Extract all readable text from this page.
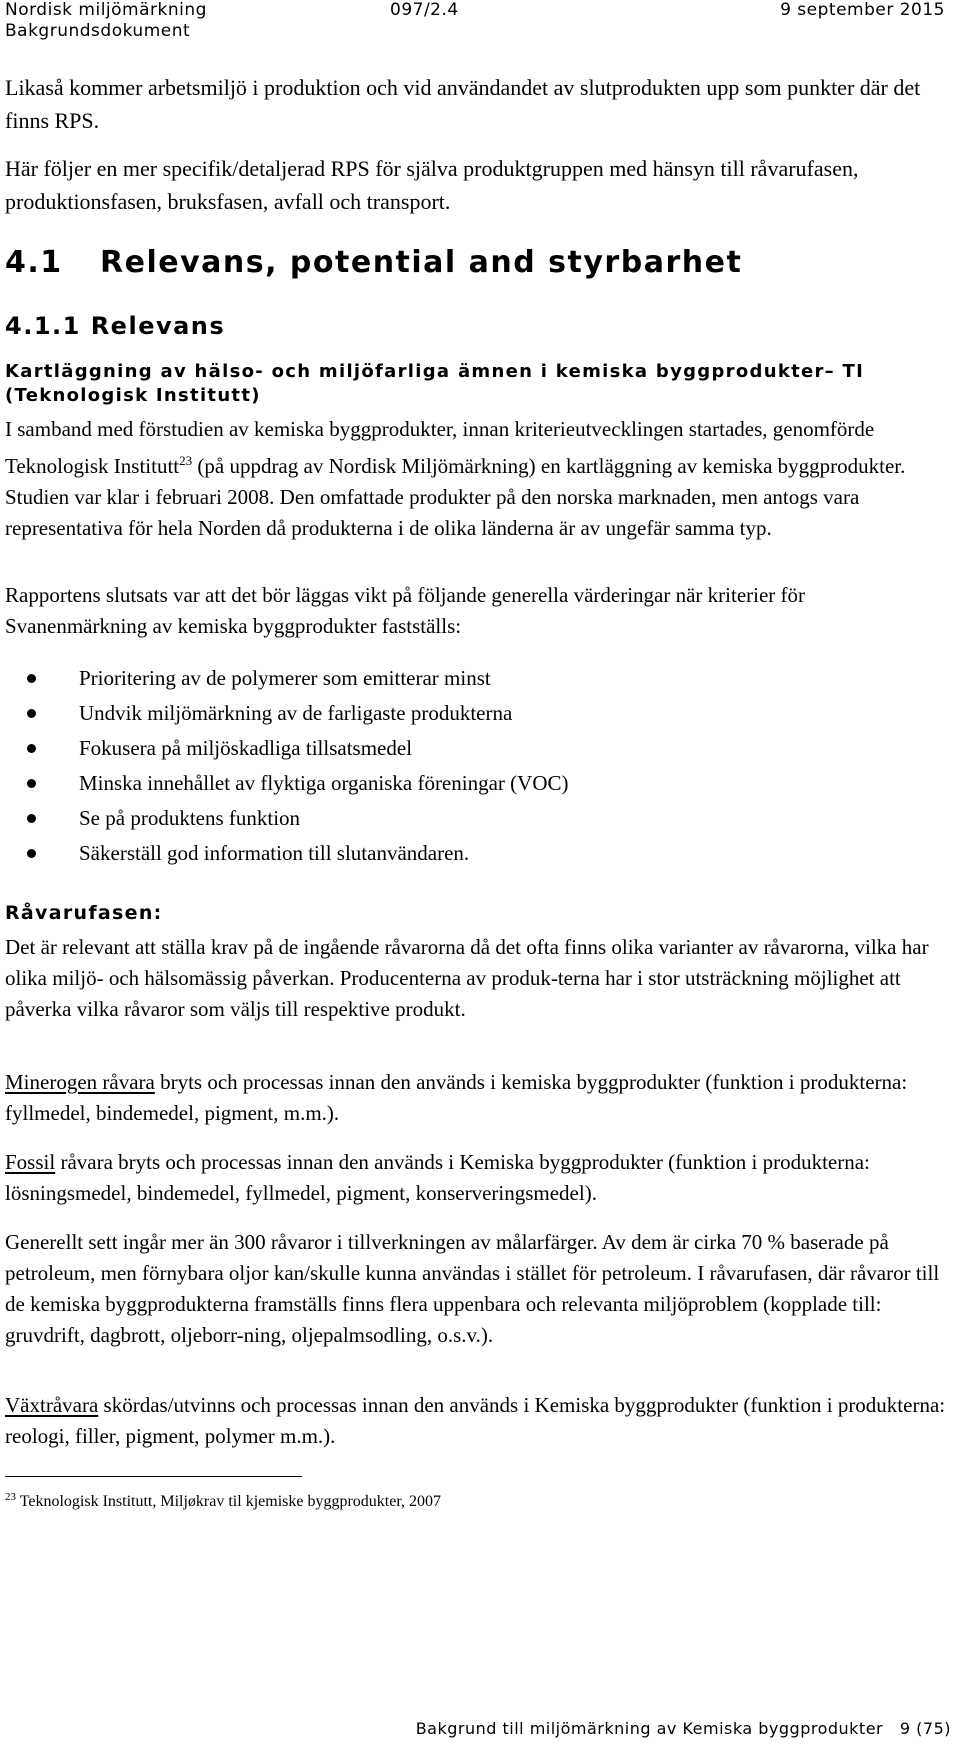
Nordisk miljömärkning	097/2.4	9 september 2015
Bakgrundsdokument

Likaså kommer arbetsmiljö i produktion och vid användandet av slutprodukten upp som punkter där det finns RPS.

Här följer en mer specifik/detaljerad RPS för själva produktgruppen med hänsyn till råvarufasen, produktionsfasen, bruksfasen, avfall och transport.

4.1 Relevans, potential and styrbarhet
4.1.1 Relevans
Kartläggning av hälso- och miljöfarliga ämnen i kemiska byggprodukter– TI (Teknologisk Institutt)

I samband med förstudien av kemiska byggprodukter, innan kriterieutvecklingen startades, genomförde Teknologisk Institutt$^{23}$ (på uppdrag av Nordisk Miljömärkning) en kartläggning av kemiska byggprodukter. Studien var klar i februari 2008. Den omfattade produkter på den norska marknaden, men antogs vara representativa för hela Norden då produkterna i de olika länderna är av ungefär samma typ.

Rapportens slutsats var att det bör läggas vikt på följande generella värderingar när kriterier för Svanenmärkning av kemiska byggprodukter fastställs:

Prioritering av de polymerer som emitterar minst
Undvik miljömärkning av de farligaste produkterna
Fokusera på miljöskadliga tillsatsmedel
Minska innehållet av flyktiga organiska föreningar (VOC)
Se på produktens funktion
Säkerställ god information till slutanvändaren.
Råvarufasen:

Det är relevant att ställa krav på de ingående råvarorna då det ofta finns olika varianter av råvarorna, vilka har olika miljö- och hälsomässig påverkan. Producenterna av produk-terna har i stor utsträckning möjlighet att påverka vilka råvaror som väljs till respektive produkt.

Minerogen råvara bryts och processas innan den används i kemiska byggprodukter (funktion i produkterna: fyllmedel, bindemedel, pigment, m.m.).

Fossil råvara bryts och processas innan den används i Kemiska byggprodukter (funktion i produkterna: lösningsmedel, bindemedel, fyllmedel, pigment, konserveringsmedel).

Generellt sett ingår mer än 300 råvaror i tillverkningen av målarfärger. Av dem är cirka 70 % baserade på petroleum, men förnybara oljor kan/skulle kunna användas i stället för petroleum. I råvarufasen, där råvaror till de kemiska byggprodukterna framställs finns flera uppenbara och relevanta miljöproblem (kopplade till: gruvdrift, dagbrott, oljeborr-ning, oljepalmsodling, o.s.v.).

Växtråvara skördas/utvinns och processas innan den används i Kemiska byggprodukter (funktion i produkterna: reologi, filler, pigment, polymer m.m.).

$^{23}$ Teknologisk Institutt, Miljøkrav til kjemiske byggprodukter, 2007
Bakgrund till miljömärkning av Kemiska byggprodukter 9 (75)
